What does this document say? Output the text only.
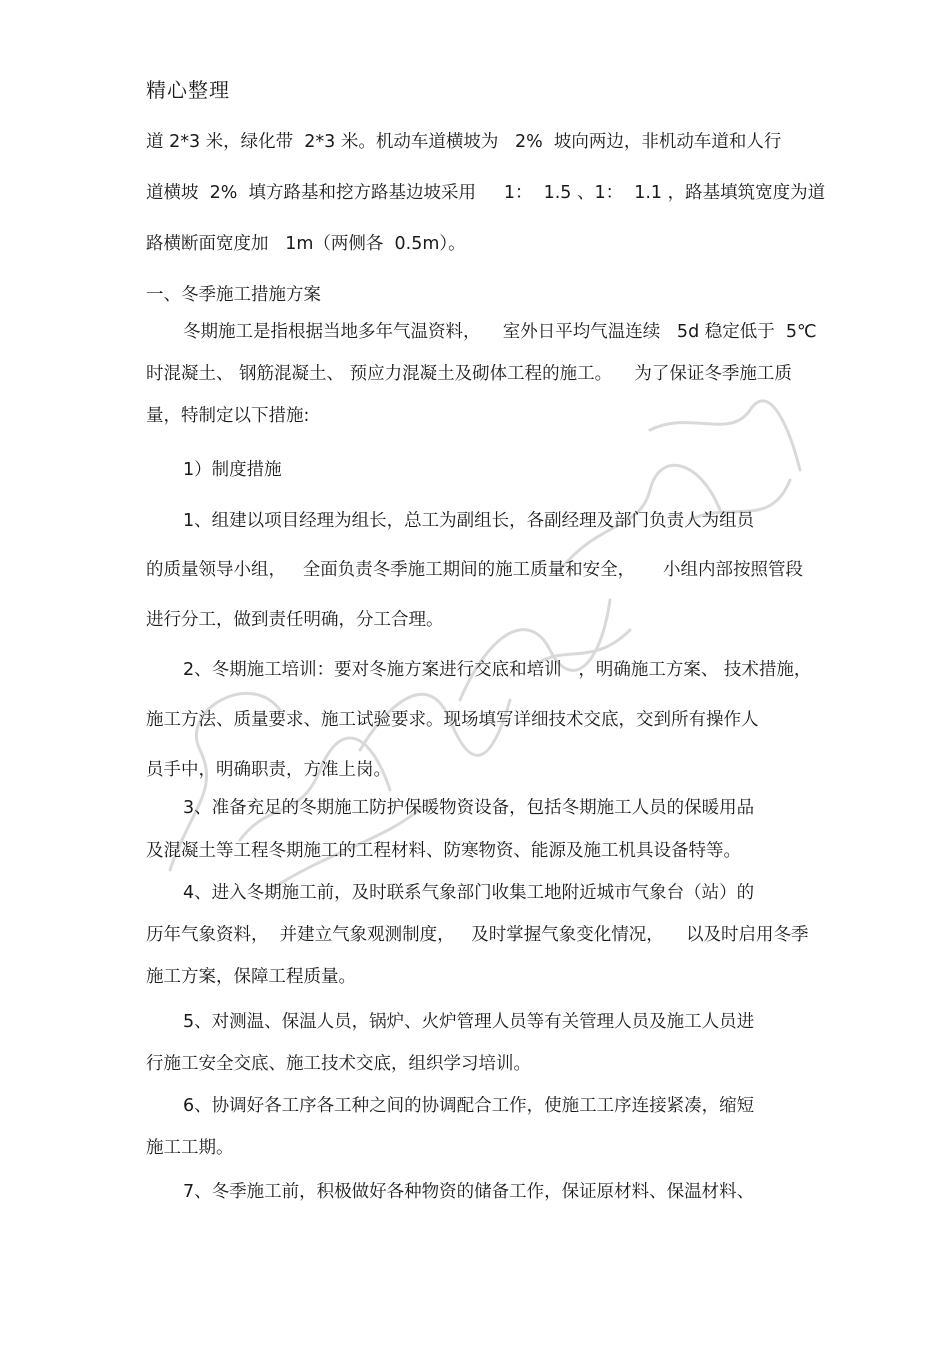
精心整理
道 2*3 米，绿化带  2*3 米。机动车道横坡为   2%  坡向两边，非机动车道和人行
道横坡  2%  填方路基和挖方路基边坡采用     1：  1.5 、1：  1.1 ，路基填筑宽度为道
路横断面宽度加   1m（两侧各  0.5m）。
一、冬季施工措施方案
冬期施工是指根据当地多年气温资料，    室外日平均气温连续   5d 稳定低于  5℃
时混凝土、 钢筋混凝土、 预应力混凝土及砌体工程的施工。    为了保证冬季施工质
量，特制定以下措施:
1）制度措施
1、组建以项目经理为组长，总工为副组长，各副经理及部门负责人为组员
的质量领导小组，   全面负责冬季施工期间的施工质量和安全，     小组内部按照管段
进行分工，做到责任明确，分工合理。
2、冬期施工培训：要对冬施方案进行交底和培训   ，明确施工方案、 技术措施，
施工方法、质量要求、施工试验要求。现场填写详细技术交底，交到所有操作人
员手中，明确职责，方准上岗。
3、准备充足的冬期施工防护保暖物资设备，包括冬期施工人员的保暖用品
及混凝土等工程冬期施工的工程材料、防寒物资、能源及施工机具设备特等。
4、进入冬期施工前，及时联系气象部门收集工地附近城市气象台（站）的
历年气象资料，  并建立气象观测制度，   及时掌握气象变化情况，    以及时启用冬季
施工方案，保障工程质量。
5、对测温、保温人员，锅炉、火炉管理人员等有关管理人员及施工人员进
行施工安全交底、施工技术交底，组织学习培训。
6、协调好各工序各工种之间的协调配合工作，使施工工序连接紧凑，缩短
施工工期。
7、冬季施工前，积极做好各种物资的储备工作，保证原材料、保温材料、
